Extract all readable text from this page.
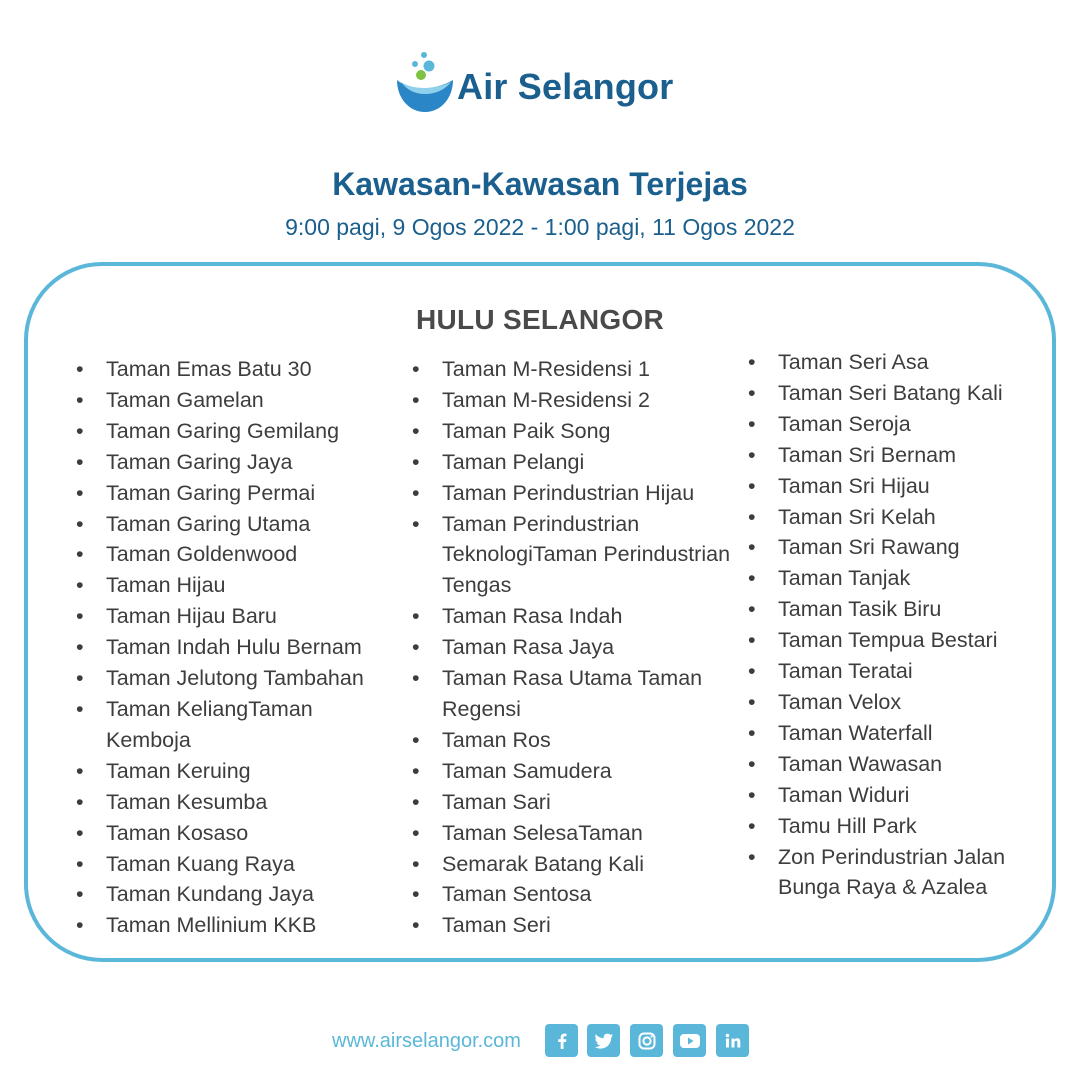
Air Selangor
Kawasan-Kawasan Terjejas
9:00 pagi, 9 Ogos 2022 - 1:00 pagi, 11 Ogos 2022
HULU SELANGOR
• Taman Emas Batu 30
• Taman Gamelan
• Taman Garing Gemilang
• Taman Garing Jaya
• Taman Garing Permai
• Taman Garing Utama
• Taman Goldenwood
• Taman Hijau
• Taman Hijau Baru
• Taman Indah Hulu Bernam
• Taman Jelutong Tambahan
• Taman KeliangTaman Kemboja
• Taman Keruing
• Taman Kesumba
• Taman Kosaso
• Taman Kuang Raya
• Taman Kundang Jaya
• Taman Mellinium KKB
• Taman M-Residensi 1
• Taman M-Residensi 2
• Taman Paik Song
• Taman Pelangi
• Taman Perindustrian Hijau
• Taman Perindustrian TeknologiTaman Perindustrian Tengas
• Taman Rasa Indah
• Taman Rasa Jaya
• Taman Rasa Utama Taman Regensi
• Taman Ros
• Taman Samudera
• Taman Sari
• Taman SelesaTaman
• Semarak Batang Kali
• Taman Sentosa
• Taman Seri
• Taman Seri Asa
• Taman Seri Batang Kali
• Taman Seroja
• Taman Sri Bernam
• Taman Sri Hijau
• Taman Sri Kelah
• Taman Sri Rawang
• Taman Tanjak
• Taman Tasik Biru
• Taman Tempua Bestari
• Taman Teratai
• Taman Velox
• Taman Waterfall
• Taman Wawasan
• Taman Widuri
• Tamu Hill Park
• Zon Perindustrian Jalan Bunga Raya & Azalea
www.airselangor.com
